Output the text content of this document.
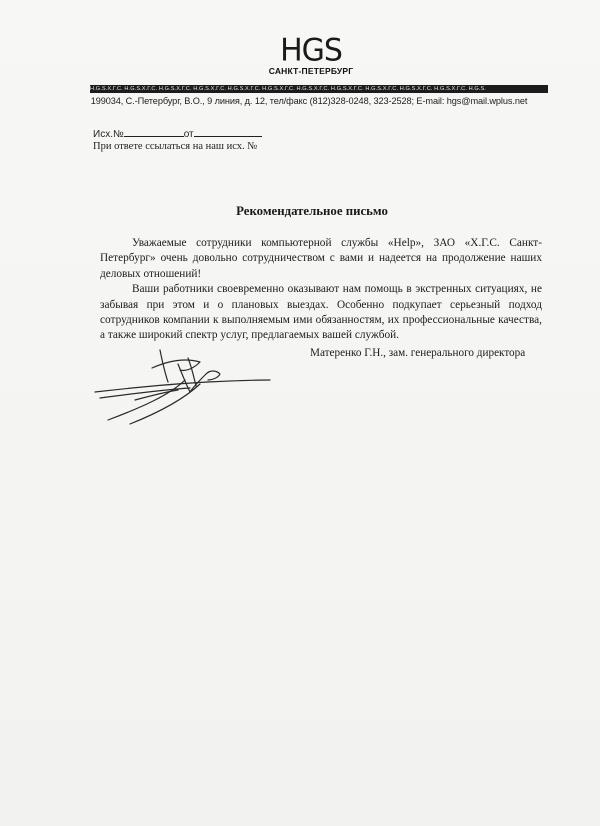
HGS
САНКТ-ПЕТЕРБУРГ
H.G.S.X.Г.C. H.G.S.X.Г.C. H.G.S.X.Г.C. H.G.S.X.Г.C. H.G.S.X.Г.C. H.G.S.X.Г.C. H.G.S.X.Г.C. H.G.S.X.Г.C. H.G.S.X.Г.C. H.G.S.X.Г.C. H.G.S.X.Г.C. H.G.S.
199034, С.-Петербург, В.О., 9 линия, д. 12, тел/факс (812)328-0248, 323-2528; E-mail: hgs@mail.wplus.net
Исх.№	от
При ответе ссылаться на наш исх. №
Рекомендательное письмо

Уважаемые сотрудники компьютерной службы «Help», ЗАО «Х.Г.С. Санкт-Петербург» очень довольно сотрудничеством с вами и надеется на продолжение наших деловых отношений!

Ваши работники своевременно оказывают нам помощь в экстренных ситуациях, не забывая при этом и о плановых выездах. Особенно подкупает серьезный подход сотрудников компании к выполняемым ими обязанностям, их профессиональные качества, а также широкий спектр услуг, предлагаемых вашей службой.

Матеренко Г.Н., зам. генерального директора
